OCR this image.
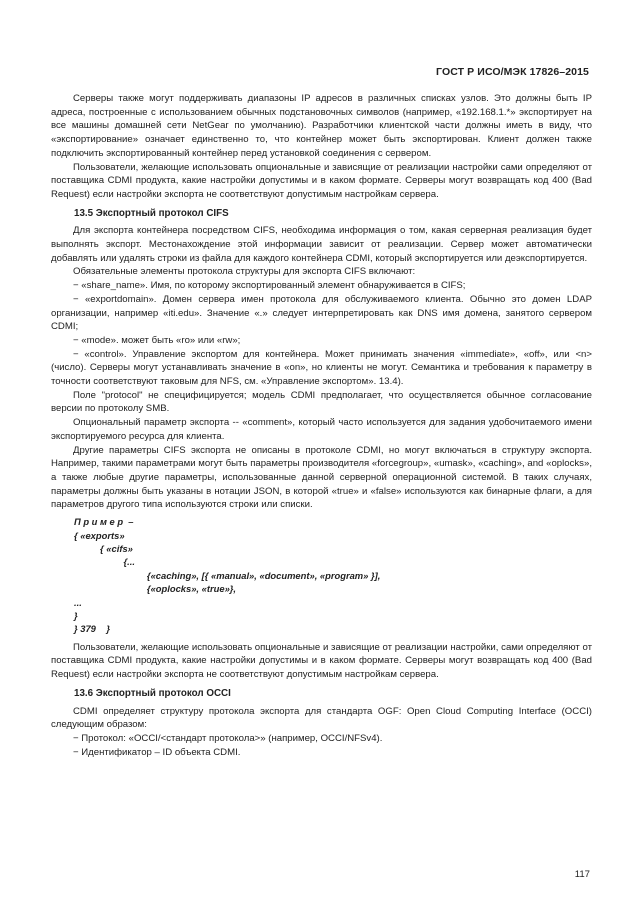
ГОСТ Р ИСО/МЭК 17826–2015

Серверы также могут поддерживать диапазоны IP адресов в различных списках узлов. Это должны быть IP адреса, построенные с использованием обычных подстановочных символов (например, «192.168.1.*» экспортирует на все машины домашней сети NetGear по умолчанию). Разработчики клиентской части должны иметь в виду, что «экспортирование» означает единственно то, что контейнер может быть экспортирован. Клиент должен также подключить экспортированный контейнер перед установкой соединения с сервером.

Пользователи, желающие использовать опциональные и зависящие от реализации настройки сами определяют от поставщика CDMI продукта, какие настройки допустимы и в каком формате. Серверы могут возвращать код 400 (Bad Request) если настройки экспорта не соответствуют допустимым настройкам сервера.

13.5 Экспортный протокол CIFS

Для экспорта контейнера посредством CIFS, необходима информация о том, какая серверная реализация будет выполнять экспорт. Местонахождение этой информации зависит от реализации. Сервер может автоматически добавлять или удалять строки из файла для каждого контейнера CDMI, который экспортируется или деэкспортируется.

Обязательные элементы протокола структуры для экспорта CIFS включают:

− «share_name». Имя, по которому экспортированный элемент обнаруживается в CIFS;
− «exportdomain». Домен сервера имен протокола для обслуживаемого клиента. Обычно это домен LDAP организации, например «iti.edu». Значение «.» следует интерпретировать как DNS имя домена, занятого сервером CDMI;
− «mode». может быть «ro» или «rw»;
− «control». Управление экспортом для контейнера. Может принимать значения «immediate», «off», или <n> (число). Серверы могут устанавливать значение в «on», но клиенты не могут. Семантика и требования к параметру в точности соответствуют таковым для NFS, см. «Управление экспортом». 13.4).

Поле "protocol" не специфицируется; модель CDMI предполагает, что осуществляется обычное согласование версии по протоколу SMB.

Опциональный параметр экспорта -- «comment», который часто используется для задания удобочитаемого имени экспортируемого ресурса для клиента.

Другие параметры CIFS экспорта не описаны в протоколе CDMI, но могут включаться в структуру экспорта. Например, такими параметрами могут быть параметры производителя «forcegroup», «umask», «caching», and «oplocks», а также любые другие параметры, использованные данной серверной операционной системой. В таких случаях, параметры должны быть указаны в нотации JSON, в которой «true» и «false» используются как бинарные флаги, а для параметров другого типа используются строки или списки.

П р и м е р  –
{ «exports»
{ «cifs»
{...
{«caching», [{ «manual», «document», «program» }],
{«oplocks», «true»},
...
}
} 379    }

Пользователи, желающие использовать опциональные и зависящие от реализации настройки, сами определяют от поставщика CDMI продукта, какие настройки допустимы и в каком формате. Серверы могут возвращать код 400 (Bad Request) если настройки экспорта не соответствуют допустимым настройкам сервера.

13.6 Экспортный протокол OCCI

CDMI определяет структуру протокола экспорта для стандарта OGF: Open Cloud Computing Interface (OCCI) следующим образом:

− Протокол: «OCCI/<стандарт протокола>» (например, OCCI/NFSv4).
− Идентификатор – ID объекта CDMI.
117
